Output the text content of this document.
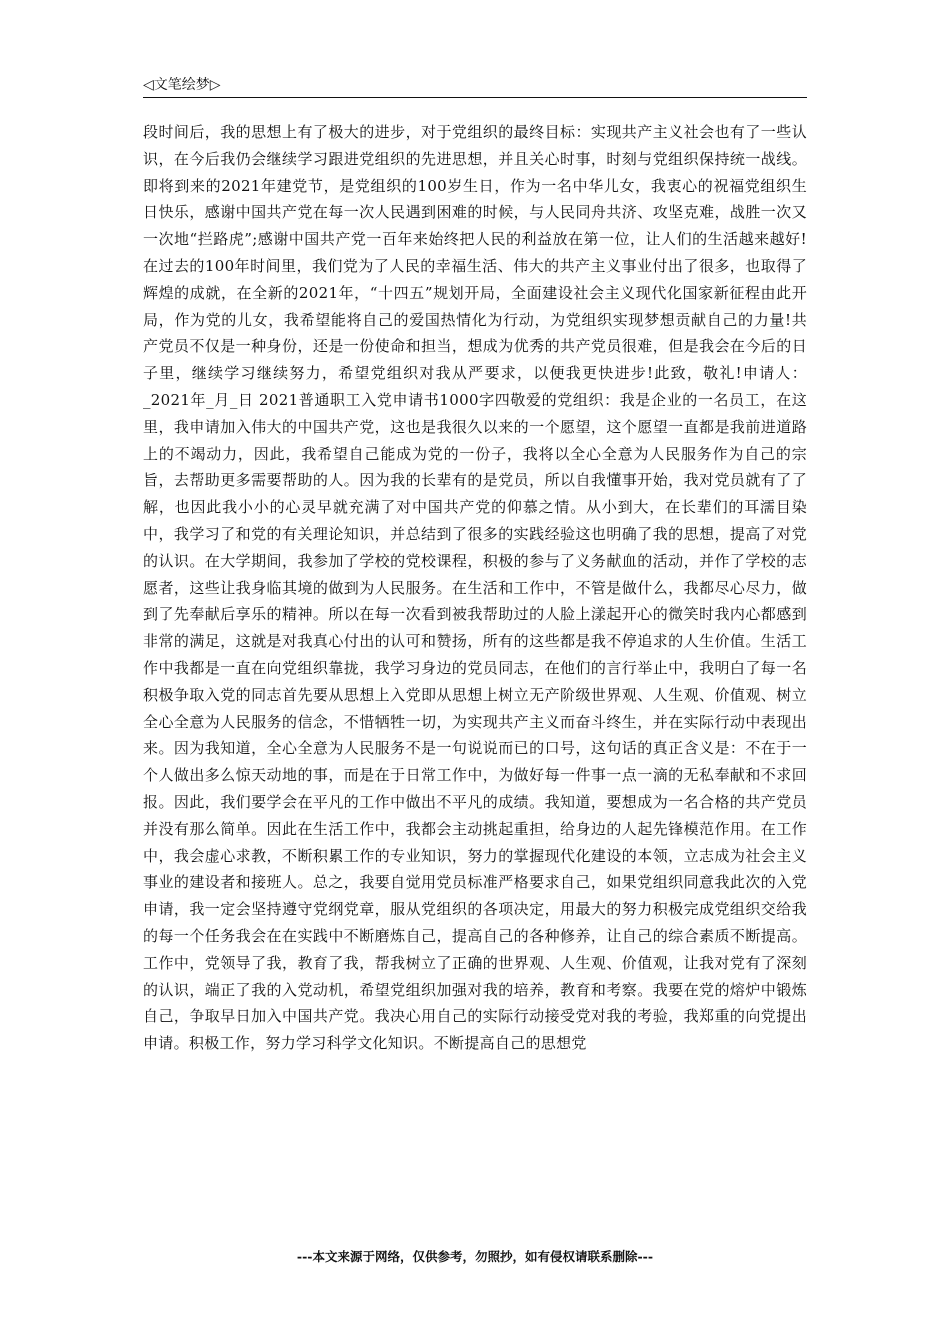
◁文笔绘梦▷
段时间后，我的思想上有了极大的进步，对于党组织的最终目标：实现共产主义社会也有了一些认识，在今后我仍会继续学习跟进党组织的先进思想，并且关心时事，时刻与党组织保持统一战线。即将到来的2021年建党节，是党组织的100岁生日，作为一名中华儿女，我衷心的祝福党组织生日快乐，感谢中国共产党在每一次人民遇到困难的时候，与人民同舟共济、攻坚克难，战胜一次又一次地“拦路虎”;感谢中国共产党一百年来始终把人民的利益放在第一位，让人们的生活越来越好!在过去的100年时间里，我们党为了人民的幸福生活、伟大的共产主义事业付出了很多，也取得了辉煌的成就，在全新的2021年，“十四五”规划开局，全面建设社会主义现代化国家新征程由此开局，作为党的儿女，我希望能将自己的爱国热情化为行动，为党组织实现梦想贡献自己的力量!共产党员不仅是一种身份，还是一份使命和担当，想成为优秀的共产党员很难，但是我会在今后的日子里，继续学习继续努力，希望党组织对我从严要求，以便我更快进步!此致，敬礼!申请人：_2021年_月_日 2021普通职工入党申请书1000字四敬爱的党组织：我是企业的一名员工，在这里，我申请加入伟大的中国共产党，这也是我很久以来的一个愿望，这个愿望一直都是我前进道路上的不竭动力，因此，我希望自己能成为党的一份子，我将以全心全意为人民服务作为自己的宗旨，去帮助更多需要帮助的人。因为我的长辈有的是党员，所以自我懂事开始，我对党员就有了了解，也因此我小小的心灵早就充满了对中国共产党的仰慕之情。从小到大，在长辈们的耳濡目染中，我学习了和党的有关理论知识，并总结到了很多的实践经验这也明确了我的思想，提高了对党的认识。在大学期间，我参加了学校的党校课程，积极的参与了义务献血的活动，并作了学校的志愿者，这些让我身临其境的做到为人民服务。在生活和工作中，不管是做什么，我都尽心尽力，做到了先奉献后享乐的精神。所以在每一次看到被我帮助过的人脸上漾起开心的微笑时我内心都感到非常的满足，这就是对我真心付出的认可和赞扬，所有的这些都是我不停追求的人生价值。生活工作中我都是一直在向党组织靠拢，我学习身边的党员同志，在他们的言行举止中，我明白了每一名积极争取入党的同志首先要从思想上入党即从思想上树立无产阶级世界观、人生观、价值观、树立全心全意为人民服务的信念，不惜牺牲一切，为实现共产主义而奋斗终生，并在实际行动中表现出来。因为我知道，全心全意为人民服务不是一句说说而已的口号，这句话的真正含义是：不在于一个人做出多么惊天动地的事，而是在于日常工作中，为做好每一件事一点一滴的无私奉献和不求回报。因此，我们要学会在平凡的工作中做出不平凡的成绩。我知道，要想成为一名合格的共产党员并没有那么简单。因此在生活工作中，我都会主动挑起重担，给身边的人起先锋模范作用。在工作中，我会虚心求教，不断积累工作的专业知识，努力的掌握现代化建设的本领，立志成为社会主义事业的建设者和接班人。总之，我要自觉用党员标准严格要求自己，如果党组织同意我此次的入党申请，我一定会坚持遵守党纲党章，服从党组织的各项决定，用最大的努力积极完成党组织交给我的每一个任务我会在在实践中不断磨炼自己，提高自己的各种修养，让自己的综合素质不断提高。工作中，党领导了我，教育了我，帮我树立了正确的世界观、人生观、价值观，让我对党有了深刻的认识，端正了我的入党动机，希望党组织加强对我的培养，教育和考察。我要在党的熔炉中锻炼自己，争取早日加入中国共产党。我决心用自己的实际行动接受党对我的考验，我郑重的向党提出申请。积极工作，努力学习科学文化知识。不断提高自己的思想党
---本文来源于网络，仅供参考，勿照抄，如有侵权请联系删除---
